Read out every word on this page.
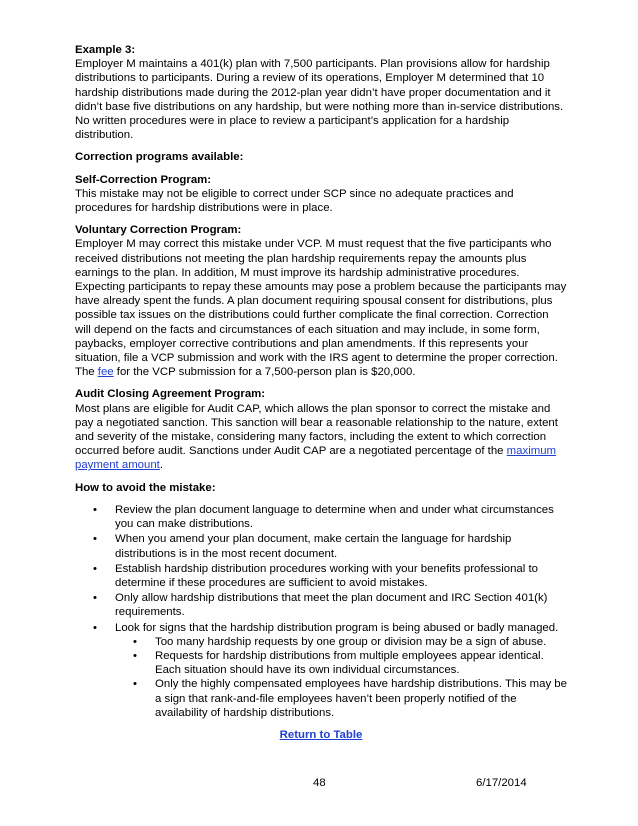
Example 3:

Employer M maintains a 401(k) plan with 7,500 participants. Plan provisions allow for hardship distributions to participants. During a review of its operations, Employer M determined that 10 hardship distributions made during the 2012-plan year didn’t have proper documentation and it didn’t base five distributions on any hardship, but were nothing more than in-service distributions. No written procedures were in place to review a participant’s application for a hardship distribution.

Correction programs available:
Self-Correction Program:

This mistake may not be eligible to correct under SCP since no adequate practices and procedures for hardship distributions were in place.

Voluntary Correction Program:

Employer M may correct this mistake under VCP. M must request that the five participants who received distributions not meeting the plan hardship requirements repay the amounts plus earnings to the plan. In addition, M must improve its hardship administrative procedures. Expecting participants to repay these amounts may pose a problem because the participants may have already spent the funds. A plan document requiring spousal consent for distributions, plus possible tax issues on the distributions could further complicate the final correction. Correction will depend on the facts and circumstances of each situation and may include, in some form, paybacks, employer corrective contributions and plan amendments. If this represents your situation, file a VCP submission and work with the IRS agent to determine the proper correction. The fee for the VCP submission for a 7,500-person plan is $20,000.

Audit Closing Agreement Program:

Most plans are eligible for Audit CAP, which allows the plan sponsor to correct the mistake and pay a negotiated sanction. This sanction will bear a reasonable relationship to the nature, extent and severity of the mistake, considering many factors, including the extent to which correction occurred before audit. Sanctions under Audit CAP are a negotiated percentage of the maximum payment amount.

How to avoid the mistake:
• Review the plan document language to determine when and under what circumstances you can make distributions.
• When you amend your plan document, make certain the language for hardship distributions is in the most recent document.
• Establish hardship distribution procedures working with your benefits professional to determine if these procedures are sufficient to avoid mistakes.
• Only allow hardship distributions that meet the plan document and IRC Section 401(k) requirements.
• Look for signs that the hardship distribution program is being abused or badly managed.
• Too many hardship requests by one group or division may be a sign of abuse.
• Requests for hardship distributions from multiple employees appear identical. Each situation should have its own individual circumstances.
• Only the highly compensated employees have hardship distributions. This may be a sign that rank-and-file employees haven’t been properly notified of the availability of hardship distributions.
Return to Table
48	6/17/2014
